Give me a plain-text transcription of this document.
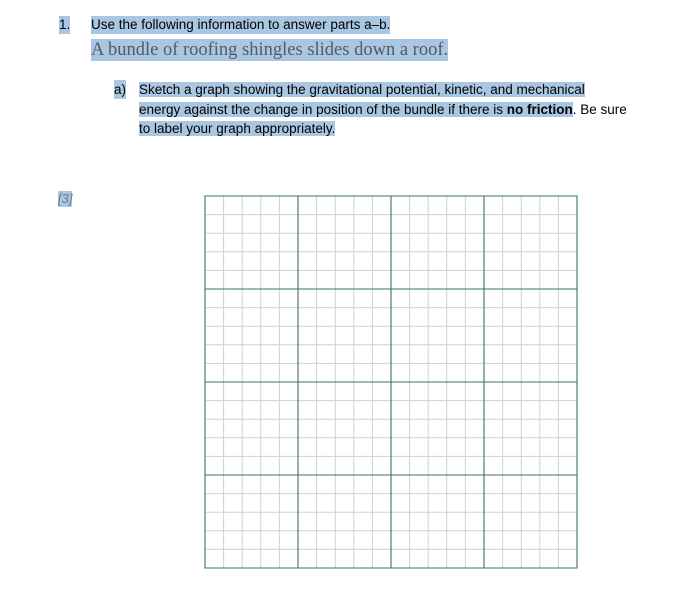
1. Use the following information to answer parts a–b.
A bundle of roofing shingles slides down a roof.
a) Sketch a graph showing the gravitational potential, kinetic, and mechanical
energy against the change in position of the bundle if there is no friction. Be sure
to label your graph appropriately.
[3]
